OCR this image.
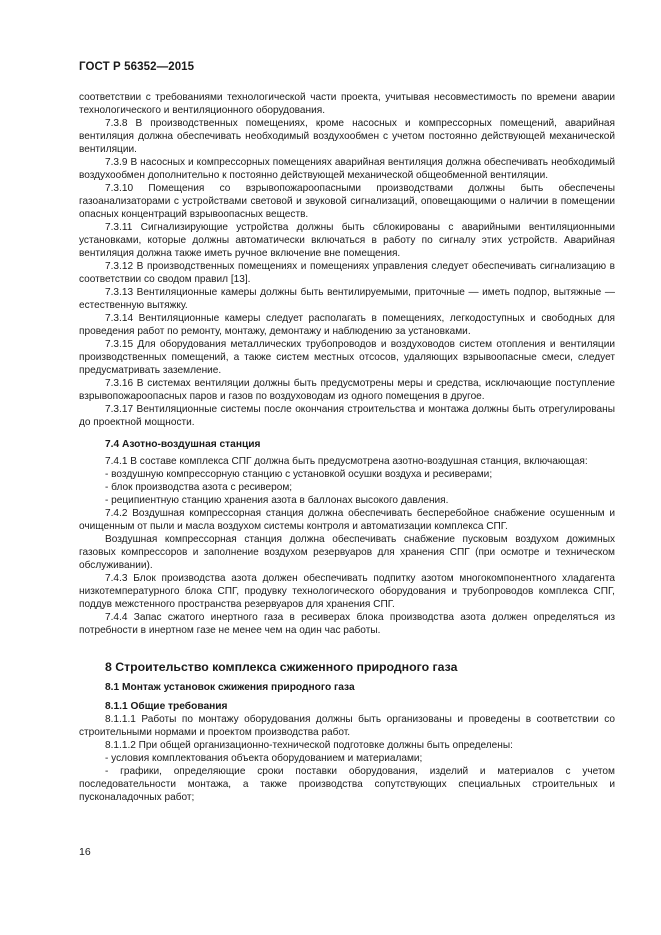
ГОСТ Р 56352—2015

соответствии с требованиями технологической части проекта, учитывая несовместимость по времени аварии технологического и вентиляционного оборудования.

7.3.8 В производственных помещениях, кроме насосных и компрессорных помещений, аварийная вентиляция должна обеспечивать необходимый воздухообмен с учетом постоянно действующей механической вентиляции.

7.3.9 В насосных и компрессорных помещениях аварийная вентиляция должна обеспечивать необходимый воздухообмен дополнительно к постоянно действующей механической общеобменной вентиляции.

7.3.10 Помещения со взрывопожароопасными производствами должны быть обеспечены газоанализаторами с устройствами световой и звуковой сигнализаций, оповещающими о наличии в помещении опасных концентраций взрывоопасных веществ.

7.3.11 Сигнализирующие устройства должны быть сблокированы с аварийными вентиляционными установками, которые должны автоматически включаться в работу по сигналу этих устройств. Аварийная вентиляция должна также иметь ручное включение вне помещения.

7.3.12 В производственных помещениях и помещениях управления следует обеспечивать сигнализацию в соответствии со сводом правил [13].

7.3.13 Вентиляционные камеры должны быть вентилируемыми, приточные — иметь подпор, вытяжные — естественную вытяжку.

7.3.14 Вентиляционные камеры следует располагать в помещениях, легкодоступных и свободных для проведения работ по ремонту, монтажу, демонтажу и наблюдению за установками.

7.3.15 Для оборудования металлических трубопроводов и воздуховодов систем отопления и вентиляции производственных помещений, а также систем местных отсосов, удаляющих взрывоопасные смеси, следует предусматривать заземление.

7.3.16 В системах вентиляции должны быть предусмотрены меры и средства, исключающие поступление взрывопожароопасных паров и газов по воздуховодам из одного помещения в другое.

7.3.17 Вентиляционные системы после окончания строительства и монтажа должны быть отрегулированы до проектной мощности.

7.4 Азотно-воздушная станция

7.4.1 В составе комплекса СПГ должна быть предусмотрена азотно-воздушная станция, включающая:

- воздушную компрессорную станцию с установкой осушки воздуха и ресиверами;

- блок производства азота с ресивером;

- реципиентную станцию хранения азота в баллонах высокого давления.

7.4.2 Воздушная компрессорная станция должна обеспечивать бесперебойное снабжение осушенным и очищенным от пыли и масла воздухом системы контроля и автоматизации комплекса СПГ.

Воздушная компрессорная станция должна обеспечивать снабжение пусковым воздухом дожимных газовых компрессоров и заполнение воздухом резервуаров для хранения СПГ (при осмотре и техническом обслуживании).

7.4.3 Блок производства азота должен обеспечивать подпитку азотом многокомпонентного хладагента низкотемпературного блока СПГ, продувку технологического оборудования и трубопроводов комплекса СПГ, поддув межстенного пространства резервуаров для хранения СПГ.

7.4.4 Запас сжатого инертного газа в ресиверах блока производства азота должен определяться из потребности в инертном газе не менее чем на один час работы.

8 Строительство комплекса сжиженного природного газа
8.1 Монтаж установок сжижения природного газа
8.1.1 Общие требования

8.1.1.1 Работы по монтажу оборудования должны быть организованы и проведены в соответствии со строительными нормами и проектом производства работ.

8.1.1.2 При общей организационно-технической подготовке должны быть определены:

- условия комплектования объекта оборудованием и материалами;

- графики, определяющие сроки поставки оборудования, изделий и материалов с учетом последовательности монтажа, а также производства сопутствующих специальных строительных и пусконаладочных работ;

16
